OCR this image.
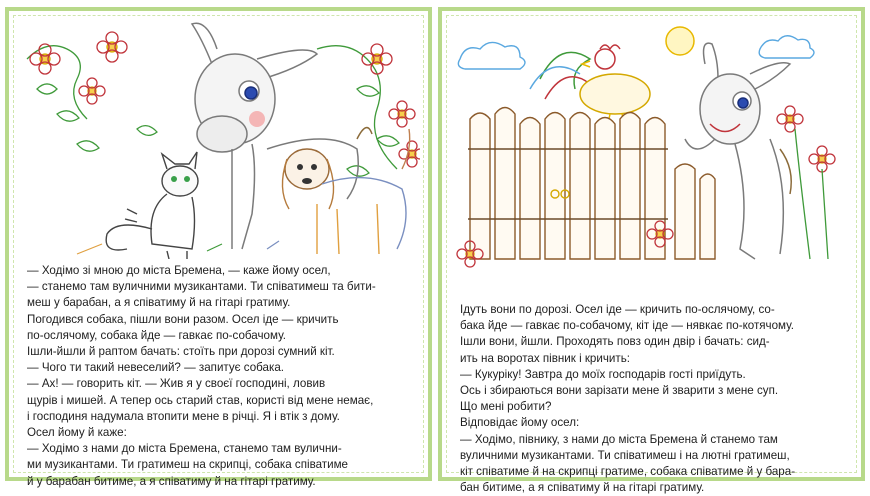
— Ходімо зі мною до міста Бремена, — каже йому осел,

— станемо там вуличними музикантами. Ти співатимеш та бити-

меш у барабан, а я співатиму й на гітарі гратиму.

Погодився собака, пішли вони разом. Осел іде — кричить

по-ослячому, собака йде — гавкає по-собачому.

Ішли-йшли й раптом бачать: стоїть при дорозі сумний кіт.

— Чого ти такий невеселий? — запитує собака.

— Ах! — говорить кіт. — Жив я у своєї господині, ловив

щурів і мишей. А тепер ось старий став, користі від мене немає,

і господиня надумала втопити мене в річці. Я і втік з дому.

Осел йому й каже:

— Ходімо з нами до міста Бремена, станемо там вулични-

ми музикантами. Ти гратимеш на скрипці, собака співатиме

й у барабан битиме, а я співатиму й на гітарі гратиму.

Ідуть вони по дорозі. Осел іде — кричить по-ослячому, со-

бака йде — гавкає по-собачому, кіт іде — нявкає по-котячому.

Ішли вони, йшли. Проходять повз один двір і бачать: сид-

ить на воротах півник і кричить:

— Кукуріку! Завтра до моїх господарів гості приїдуть.

Ось і збираються вони зарізати мене й зварити з мене суп.

Що мені робити?

Відповідає йому осел:

— Ходімо, півнику, з нами до міста Бремена й станемо там

вуличними музикантами. Ти співатимеш і на лютні гратимеш,

кіт співатиме й на скрипці гратиме, собака співатиме й у бара-

бан битиме, а я співатиму й на гітарі гратиму.
